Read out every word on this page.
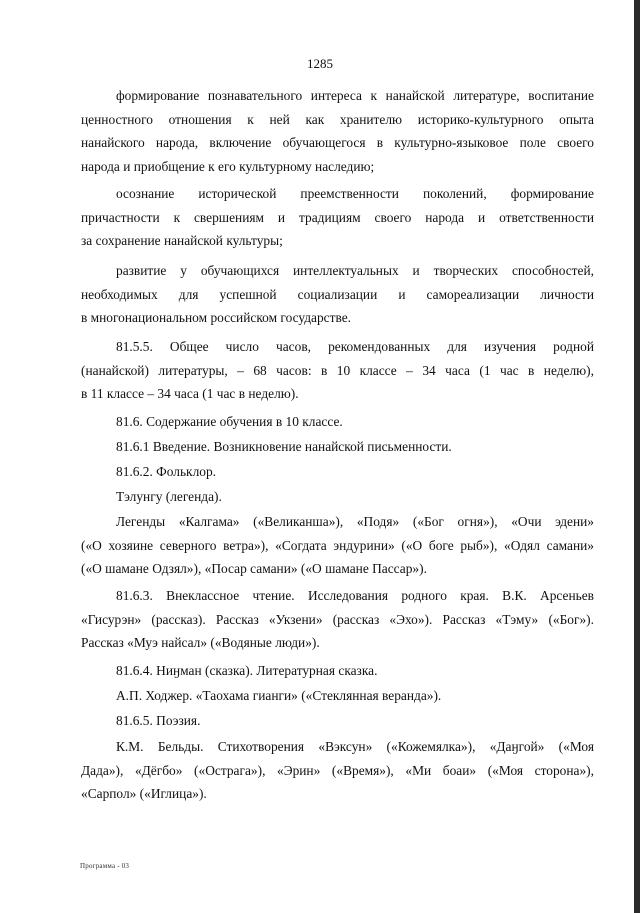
1285
формирование познавательного интереса к нанайской литературе, воспитание
ценностного отношения к ней как хранителю историко-культурного опыта
нанайского народа, включение обучающегося в культурно-языковое поле своего
народа и приобщение к его культурному наследию;
осознание исторической преемственности поколений, формирование
причастности к свершениям и традициям своего народа и ответственности
за сохранение нанайской культуры;
развитие у обучающихся интеллектуальных и творческих способностей,
необходимых для успешной социализации и самореализации личности
в многонациональном российском государстве.
81.5.5. Общее число часов, рекомендованных для изучения родной
(нанайской) литературы, – 68 часов: в 10 классе – 34 часа (1 час в неделю),
в 11 классе – 34 часа (1 час в неделю).
81.6. Содержание обучения в 10 классе.
81.6.1 Введение. Возникновение нанайской письменности.
81.6.2. Фольклор.
Тэлунгу (легенда).
Легенды «Калгама» («Великанша»), «Подя» («Бог огня»), «Очи эдени»
(«О хозяине северного ветра»), «Согдата эндурини» («О боге рыб»), «Одял самани»
(«О шамане Одзял»), «Посар самани» («О шамане Пассар»).
81.6.3. Внеклассное чтение. Исследования родного края. В.К. Арсеньев
«Гисурэн» (рассказ). Рассказ «Укзени» (рассказ «Эхо»). Рассказ «Тэму» («Бог»).
Рассказ «Муэ найсал» («Водяные люди»).
81.6.4. Ниӈман (сказка). Литературная сказка.
А.П. Ходжер. «Таохама гианги» («Стеклянная веранда»).
81.6.5. Поэзия.
К.М. Бельды. Стихотворения «Вэксун» («Кожемялка»), «Даӈгой» («Моя
Дада»), «Дёгбо» («Острага»), «Эрин» («Время»), «Ми боаи» («Моя сторона»),
«Сарпол» («Иглица»).
Программа - 03
